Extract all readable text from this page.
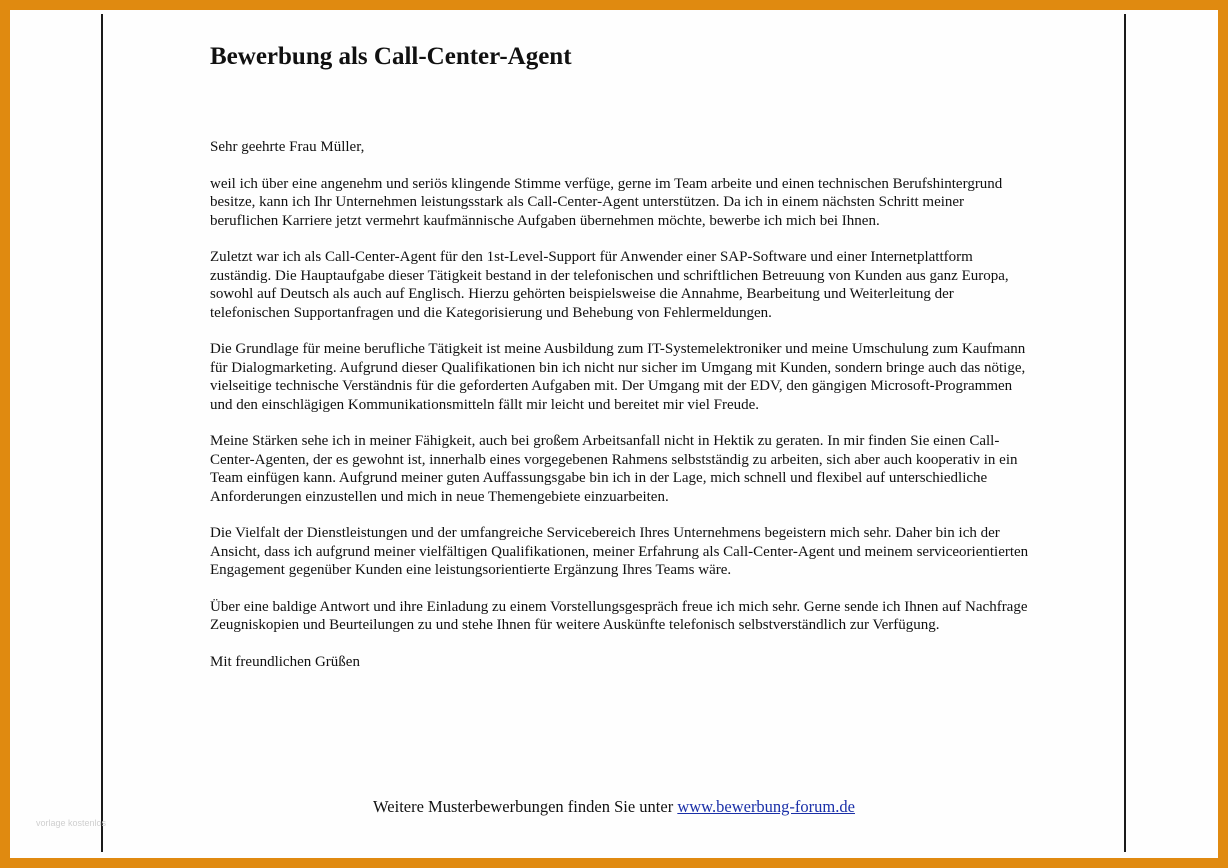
Bewerbung als Call-Center-Agent

Sehr geehrte Frau Müller,

weil ich über eine angenehm und seriös klingende Stimme verfüge, gerne im Team arbeite und einen technischen Berufshintergrund besitze, kann ich Ihr Unternehmen leistungsstark als Call-Center-Agent unterstützen. Da ich in einem nächsten Schritt meiner beruflichen Karriere jetzt vermehrt kaufmännische Aufgaben übernehmen möchte, bewerbe ich mich bei Ihnen.

Zuletzt war ich als Call-Center-Agent für den 1st-Level-Support für Anwender einer SAP-Software und einer Internetplattform zuständig. Die Hauptaufgabe dieser Tätigkeit bestand in der telefonischen und schriftlichen Betreuung von Kunden aus ganz Europa, sowohl auf Deutsch als auch auf Englisch. Hierzu gehörten beispielsweise die Annahme, Bearbeitung und Weiterleitung der telefonischen Supportanfragen und die Kategorisierung und Behebung von Fehlermeldungen.

Die Grundlage für meine berufliche Tätigkeit ist meine Ausbildung zum IT-Systemelektroniker und meine Umschulung zum Kaufmann für Dialogmarketing. Aufgrund dieser Qualifikationen bin ich nicht nur sicher im Umgang mit Kunden, sondern bringe auch das nötige, vielseitige technische Verständnis für die geforderten Aufgaben mit. Der Umgang mit der EDV, den gängigen Microsoft-Programmen und den einschlägigen Kommunikationsmitteln fällt mir leicht und bereitet mir viel Freude.

Meine Stärken sehe ich in meiner Fähigkeit, auch bei großem Arbeitsanfall nicht in Hektik zu geraten. In mir finden Sie einen Call-Center-Agenten, der es gewohnt ist, innerhalb eines vorgegebenen Rahmens selbstständig zu arbeiten, sich aber auch kooperativ in ein Team einfügen kann. Aufgrund meiner guten Auffassungsgabe bin ich in der Lage, mich schnell und flexibel auf unterschiedliche Anforderungen einzustellen und mich in neue Themengebiete einzuarbeiten.

Die Vielfalt der Dienstleistungen und der umfangreiche Servicebereich Ihres Unternehmens begeistern mich sehr. Daher bin ich der Ansicht, dass ich aufgrund meiner vielfältigen Qualifikationen, meiner Erfahrung als Call-Center-Agent und meinem serviceorientierten Engagement gegenüber Kunden eine leistungsorientierte Ergänzung Ihres Teams wäre.

Über eine baldige Antwort und ihre Einladung zu einem Vorstellungsgespräch freue ich mich sehr. Gerne sende ich Ihnen auf Nachfrage Zeugniskopien und Beurteilungen zu und stehe Ihnen für weitere Auskünfte telefonisch selbstverständlich zur Verfügung.

Mit freundlichen Grüßen

Weitere Musterbewerbungen finden Sie unter www.bewerbung-forum.de
vorlage kostenlos
